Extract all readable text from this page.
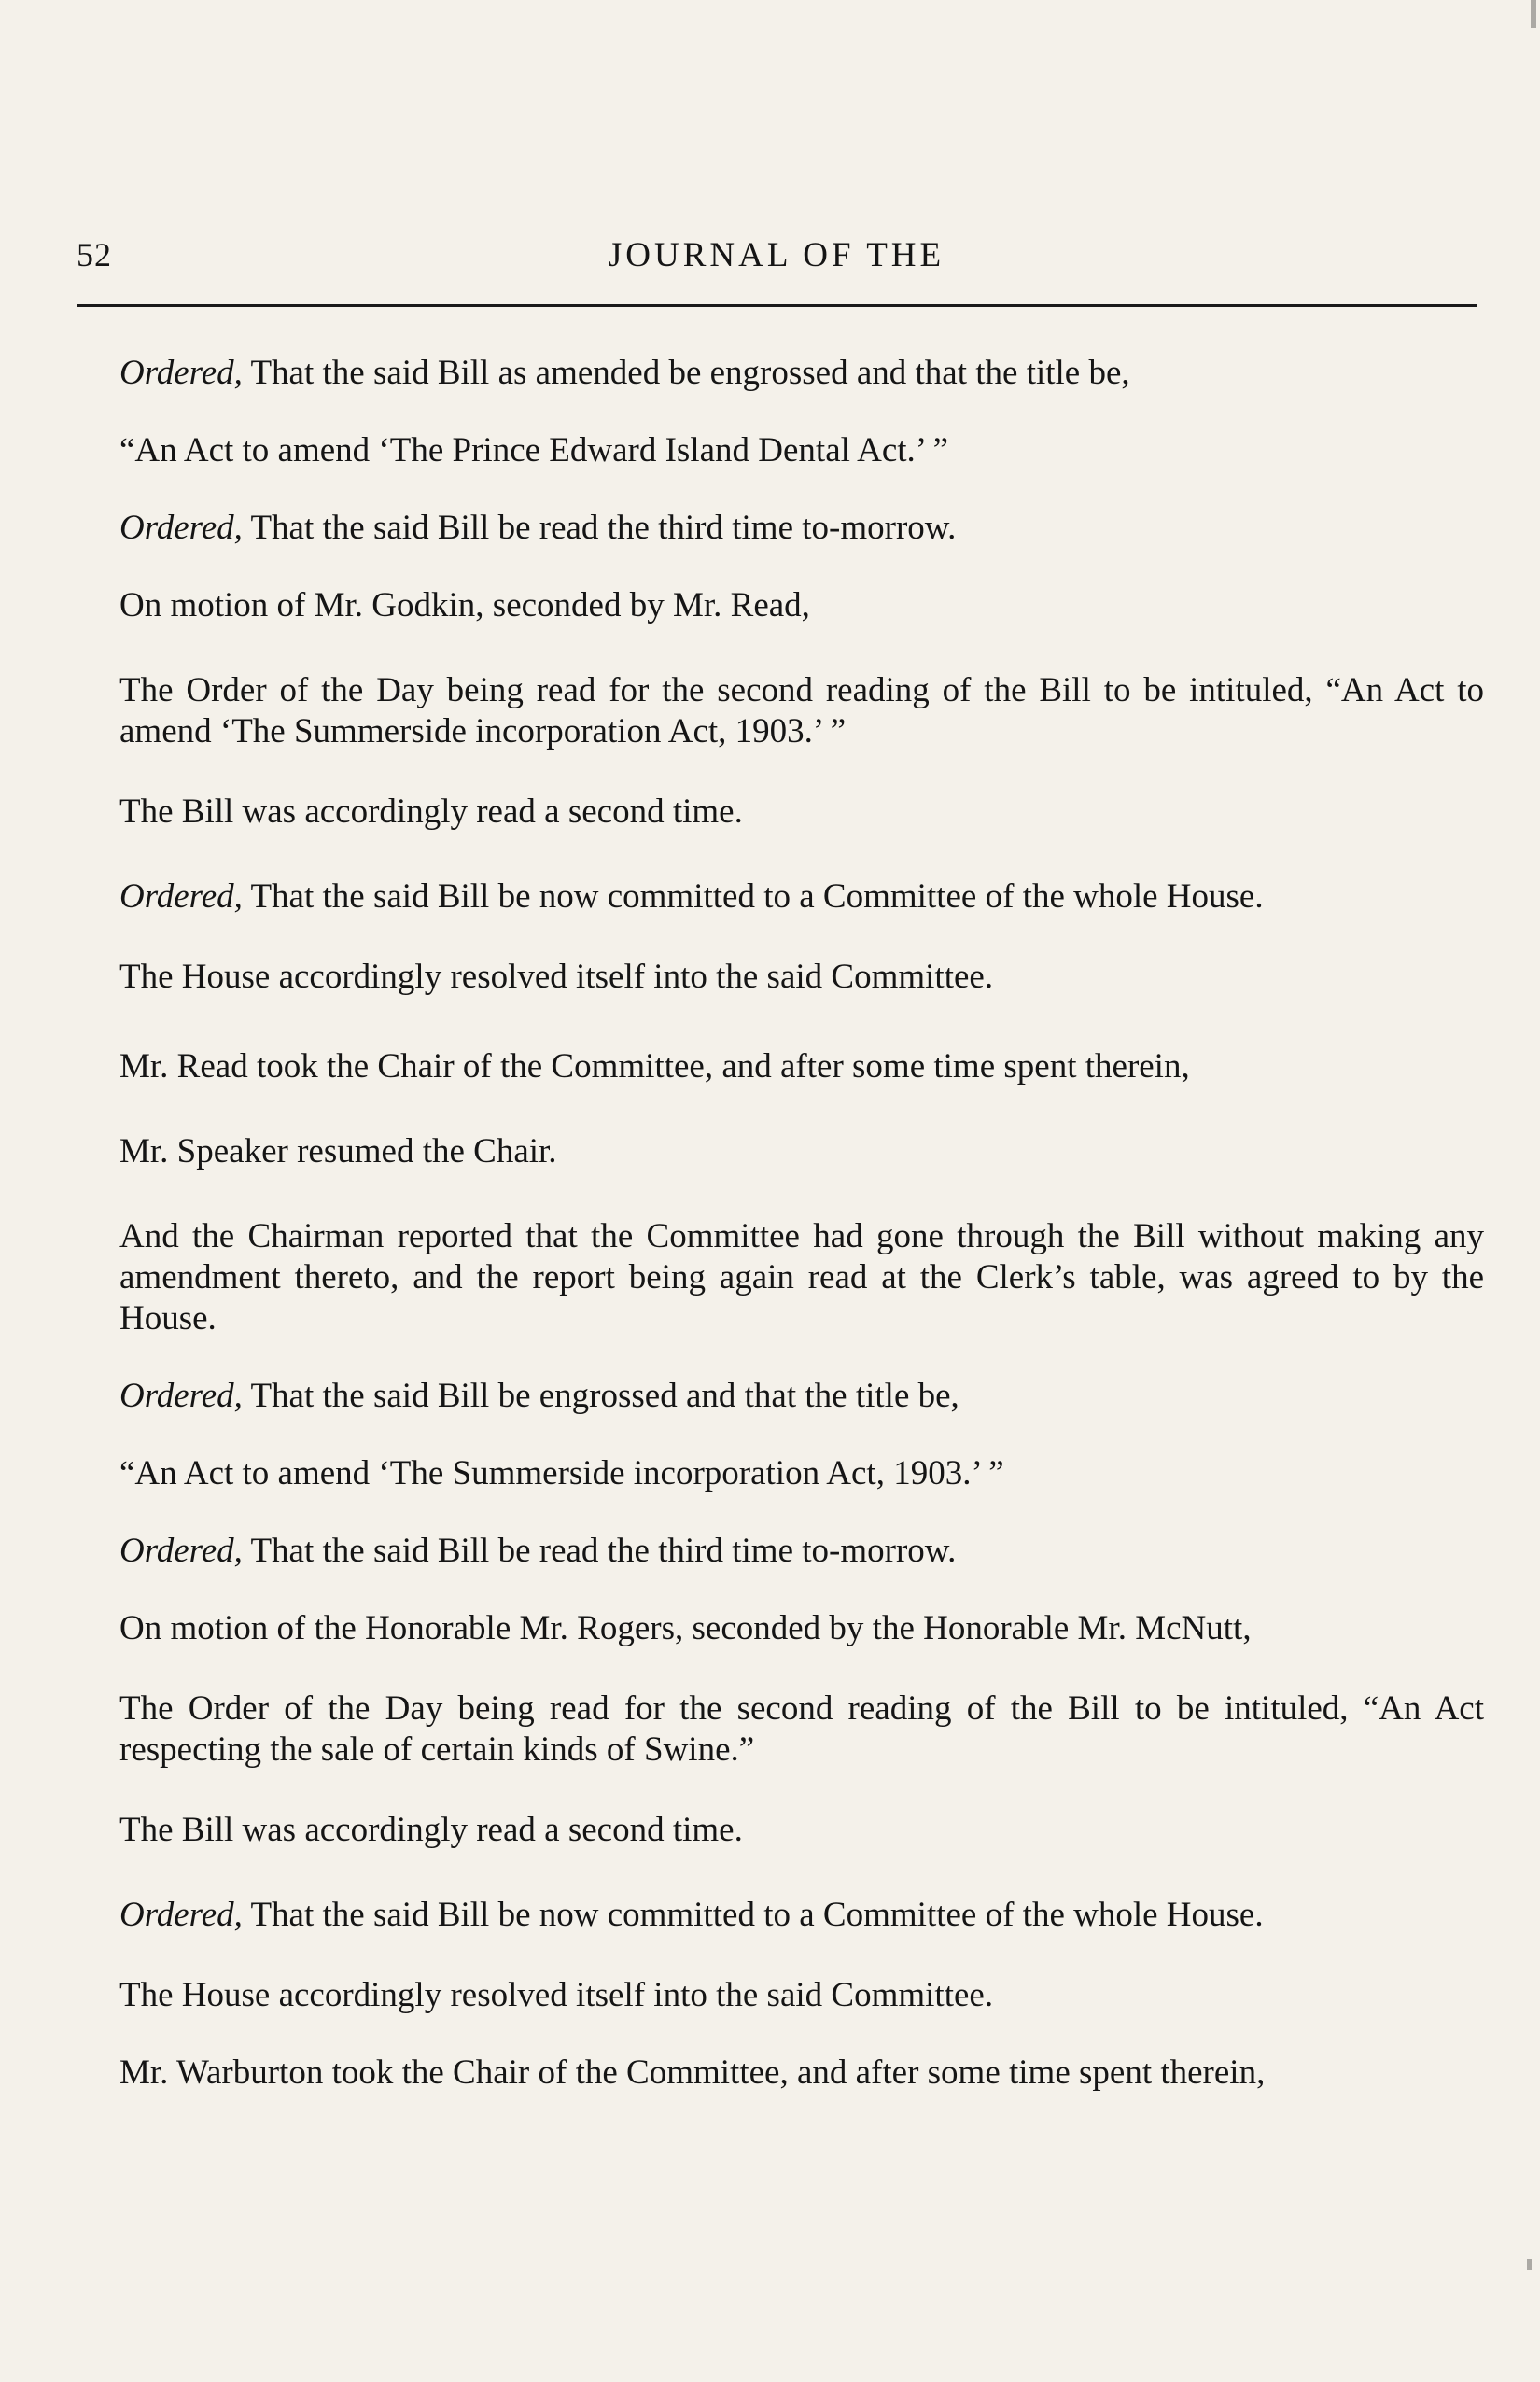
52	JOURNAL OF THE

Ordered, That the said Bill as amended be engrossed and that the title be,

“An Act to amend ‘The Prince Edward Island Dental Act.’ ”

Ordered, That the said Bill be read the third time to-morrow.

On motion of Mr. Godkin, seconded by Mr. Read,

The Order of the Day being read for the second reading of the Bill to be intituled, “An Act to amend ‘The Summerside incorporation Act, 1903.’ ”

The Bill was accordingly read a second time.

Ordered, That the said Bill be now committed to a Committee of the whole House.

The House accordingly resolved itself into the said Committee.

Mr. Read took the Chair of the Committee, and after some time spent therein,

Mr. Speaker resumed the Chair.

And the Chairman reported that the Committee had gone through the Bill without making any amendment thereto, and the report being again read at the Clerk’s table, was agreed to by the House.

Ordered, That the said Bill be engrossed and that the title be,

“An Act to amend ‘The Summerside incorporation Act, 1903.’ ”

Ordered, That the said Bill be read the third time to-morrow.

On motion of the Honorable Mr. Rogers, seconded by the Honorable Mr. McNutt,

The Order of the Day being read for the second reading of the Bill to be intituled, “An Act respecting the sale of certain kinds of Swine.”

The Bill was accordingly read a second time.

Ordered, That the said Bill be now committed to a Committee of the whole House.

The House accordingly resolved itself into the said Committee.

Mr. Warburton took the Chair of the Committee, and after some time spent therein,
